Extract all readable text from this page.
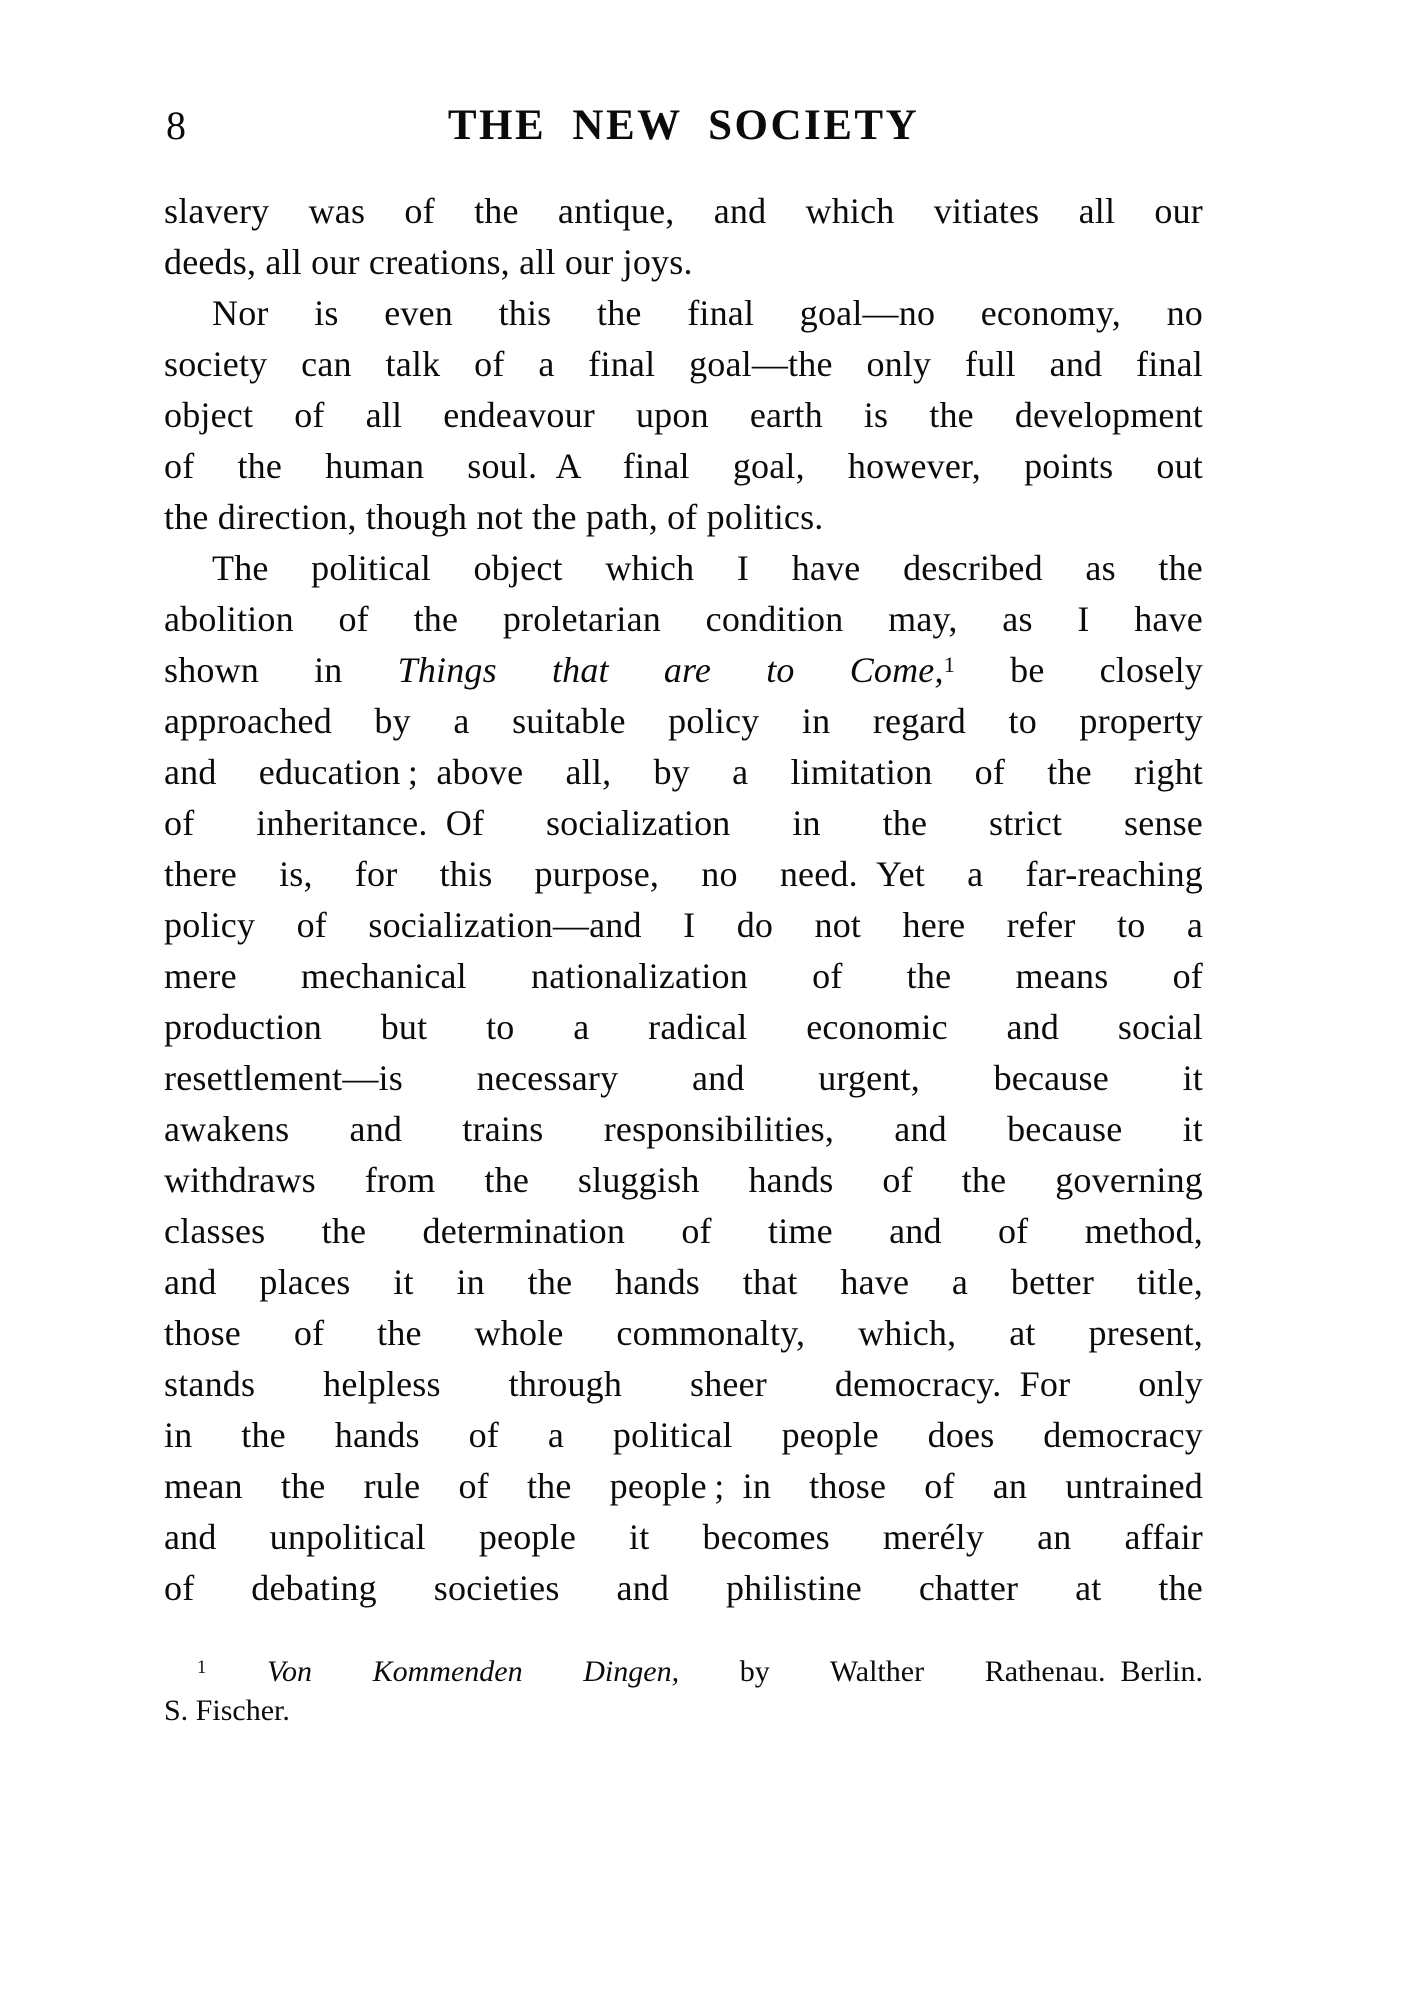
8	THE NEW SOCIETY
slavery was of the antique, and which vitiates all our
deeds, all our creations, all our joys.
Nor is even this the final goal—no economy, no
society can talk of a final goal—the only full and final
object of all endeavour upon earth is the development
of the human soul. A final goal, however, points out
the direction, though not the path, of politics.
The political object which I have described as the
abolition of the proletarian condition may, as I have
shown in Things that are to Come,$^1$ be closely
approached by a suitable policy in regard to property
and education ; above all, by a limitation of the right
of inheritance. Of socialization in the strict sense
there is, for this purpose, no need. Yet a far-reaching
policy of socialization—and I do not here refer to a
mere mechanical nationalization of the means of
production but to a radical economic and social
resettlement—is necessary and urgent, because it
awakens and trains responsibilities, and because it
withdraws from the sluggish hands of the governing
classes the determination of time and of method,
and places it in the hands that have a better title,
those of the whole commonalty, which, at present,
stands helpless through sheer democracy. For only
in the hands of a political people does democracy
mean the rule of the people ; in those of an untrained
and unpolitical people it becomes merély an affair
of debating societies and philistine chatter at the
$^1$ Von Kommenden Dingen, by Walther Rathenau. Berlin.
S. Fischer.
